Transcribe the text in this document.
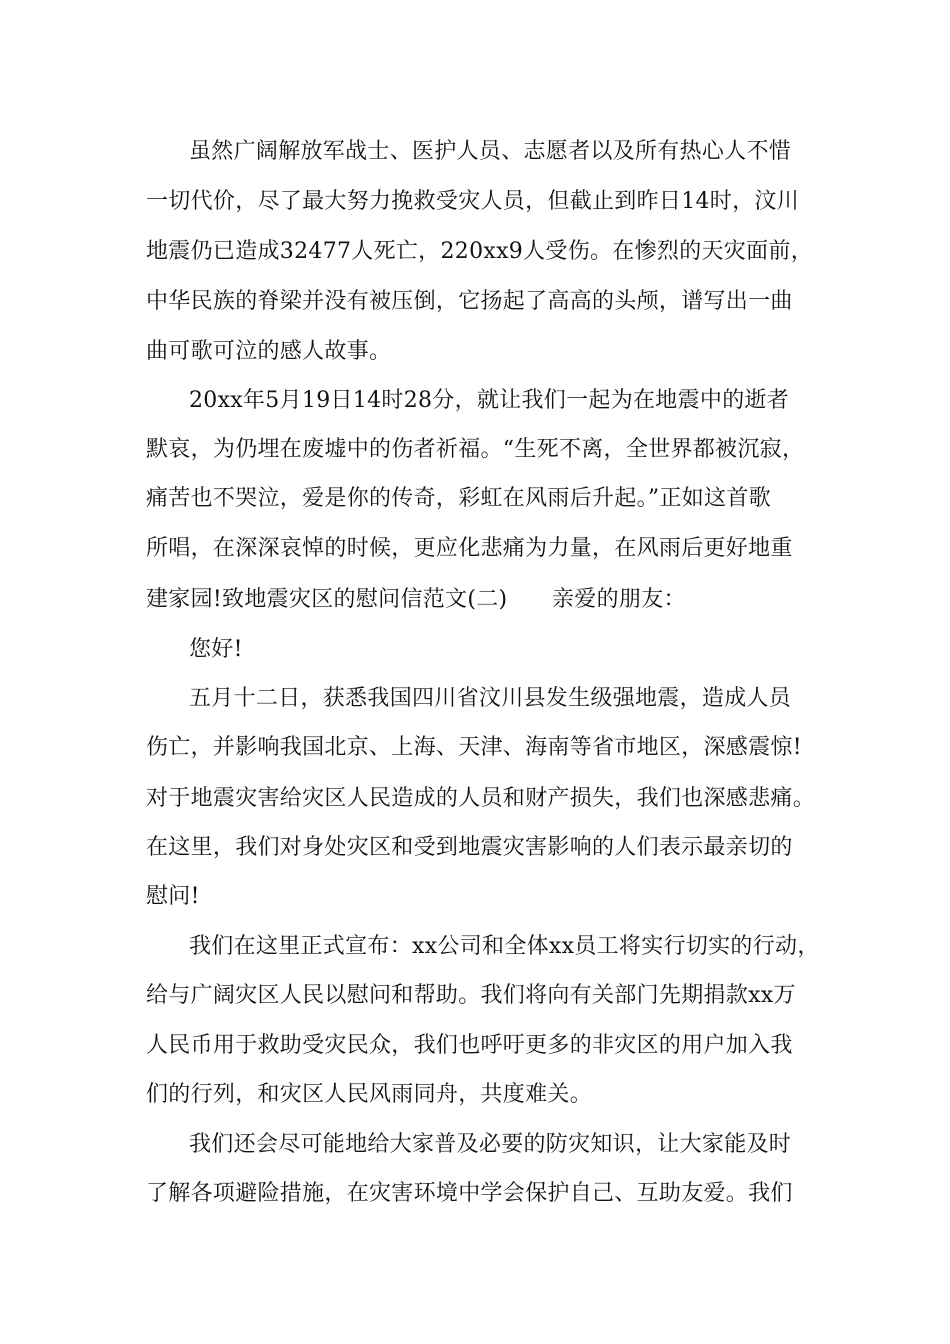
虽然广阔解放军战士、医护人员、志愿者以及所有热心人不惜
一切代价，尽了最大努力挽救受灾人员，但截止到昨日14时，汶川
地震仍已造成32477人死亡，220xx9人受伤。在惨烈的天灾面前，
中华民族的脊梁并没有被压倒，它扬起了高高的头颅，谱写出一曲
曲可歌可泣的感人故事。
20xx年5月19日14时28分，就让我们一起为在地震中的逝者
默哀，为仍埋在废墟中的伤者祈福。“生死不离，全世界都被沉寂，
痛苦也不哭泣，爱是你的传奇，彩虹在风雨后升起。”正如这首歌
所唱，在深深哀悼的时候，更应化悲痛为力量，在风雨后更好地重
建家园!致地震灾区的慰问信范文(二)　　亲爱的朋友：
您好!
五月十二日，获悉我国四川省汶川县发生级强地震，造成人员
伤亡，并影响我国北京、上海、天津、海南等省市地区，深感震惊!
对于地震灾害给灾区人民造成的人员和财产损失，我们也深感悲痛。
在这里，我们对身处灾区和受到地震灾害影响的人们表示最亲切的
慰问!
我们在这里正式宣布：xx公司和全体xx员工将实行切实的行动，
给与广阔灾区人民以慰问和帮助。我们将向有关部门先期捐款xx万
人民币用于救助受灾民众，我们也呼吁更多的非灾区的用户加入我
们的行列，和灾区人民风雨同舟，共度难关。
我们还会尽可能地给大家普及必要的防灾知识，让大家能及时
了解各项避险措施，在灾害环境中学会保护自己、互助友爱。我们
